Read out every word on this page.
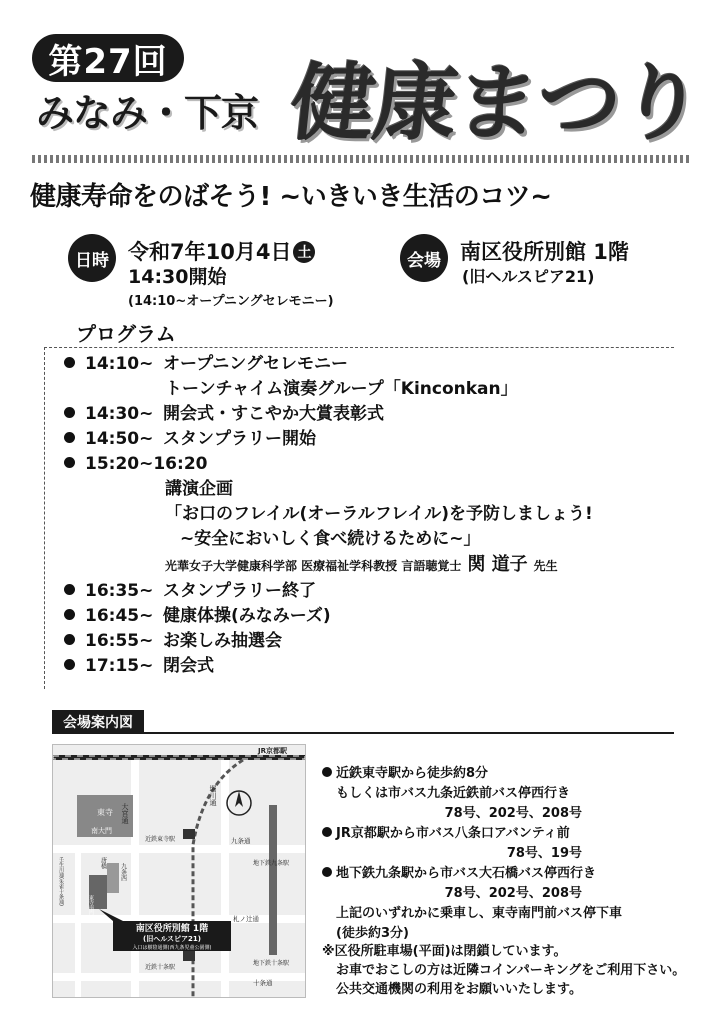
第27回
みなみ・下京 健康まつり
健康寿命をのばそう! ~いきいき生活のコツ~
日時 令和7年10月4日 土
14:30開始
(14:10~オープニングセレモニー)
会場 南区役所別館 1階
(旧ヘルスピア21)
プログラム
14:10~ オープニングセレモニー
トーンチャイム演奏グループ「Kinconkan」
14:30~ 開会式・すこやか大賞表彰式
14:50~ スタンプラリー開始
15:20~16:20
講演企画
「お口のフレイル(オーラルフレイル)を予防しましょう!
~安全においしく食べ続けるために~」
光華女子大学健康科学部 医療福祉学科教授 言語聴覚士 関 道子 先生
16:35~ スタンプラリー終了
16:45~ 健康体操(みなみーズ)
16:55~ お楽しみ抽選会
17:15~ 閉会式
会場案内図
JR京都駅
大宮通
堀川通
東寺
南大門
近鉄東寺駅	九条通
地下鉄九条駅
壬生川通(朱雀十条通)	唐橋 九条西
東寺南門前	札ノ辻通
近鉄十条駅
地下鉄十条駅
十条通
南区役所別館 1階
(旧ヘルスピア21)
入口は樹陰通側(西九条児童公園側)
近鉄東寺駅から徒歩約8分
もしくは市バス九条近鉄前バス停西行き
78号、202号、208号
JR京都駅から市バス八条口アバンティ前
78号、19号
地下鉄九条駅から市バス大石橋バス停西行き
78号、202号、208号
上記のいずれかに乗車し、東寺南門前バス停下車
(徒歩約3分)
※区役所駐車場(平面)は閉鎖しています。
お車でおこしの方は近隣コインパーキングをご利用下さい。
公共交通機関の利用をお願いいたします。
